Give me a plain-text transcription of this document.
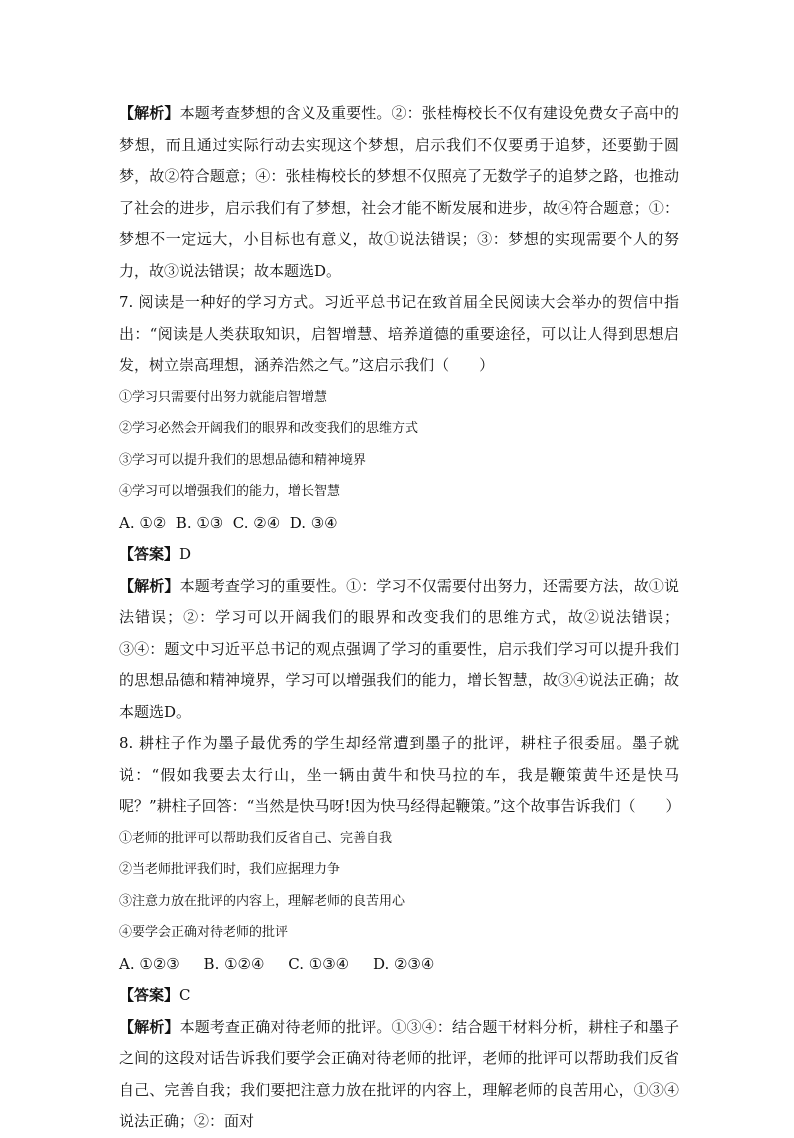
【解析】本题考查梦想的含义及重要性。②：张桂梅校长不仅有建设免费女子高中的梦想，而且通过实际行动去实现这个梦想，启示我们不仅要勇于追梦，还要勤于圆梦，故②符合题意；④：张桂梅校长的梦想不仅照亮了无数学子的追梦之路，也推动了社会的进步，启示我们有了梦想，社会才能不断发展和进步，故④符合题意；①：梦想不一定远大，小目标也有意义，故①说法错误；③：梦想的实现需要个人的努力，故③说法错误；故本题选D。

7. 阅读是一种好的学习方式。习近平总书记在致首届全民阅读大会举办的贺信中指出：“阅读是人类获取知识，启智增慧、培养道德的重要途径，可以让人得到思想启发，树立崇高理想，涵养浩然之气。”这启示我们（　　）

①学习只需要付出努力就能启智增慧

②学习必然会开阔我们的眼界和改变我们的思维方式

③学习可以提升我们的思想品德和精神境界

④学习可以增强我们的能力，增长智慧

A. ①②  B. ①③  C. ②④  D. ③④

【答案】D

【解析】本题考查学习的重要性。①：学习不仅需要付出努力，还需要方法，故①说法错误；②：学习可以开阔我们的眼界和改变我们的思维方式，故②说法错误；③④：题文中习近平总书记的观点强调了学习的重要性，启示我们学习可以提升我们的思想品德和精神境界，学习可以增强我们的能力，增长智慧，故③④说法正确；故本题选D。

8. 耕柱子作为墨子最优秀的学生却经常遭到墨子的批评，耕柱子很委屈。墨子就说：“假如我要去太行山，坐一辆由黄牛和快马拉的车，我是鞭策黄牛还是快马呢？”耕柱子回答：“当然是快马呀!因为快马经得起鞭策。”这个故事告诉我们（　　）

①老师的批评可以帮助我们反省自己、完善自我

②当老师批评我们时，我们应据理力争

③注意力放在批评的内容上，理解老师的良苦用心

④要学会正确对待老师的批评

A. ①②③     B. ①②④     C. ①③④     D. ②③④

【答案】C

【解析】本题考查正确对待老师的批评。①③④：结合题干材料分析，耕柱子和墨子之间的这段对话告诉我们要学会正确对待老师的批评，老师的批评可以帮助我们反省自己、完善自我；我们要把注意力放在批评的内容上，理解老师的良苦用心，①③④说法正确；②：面对
